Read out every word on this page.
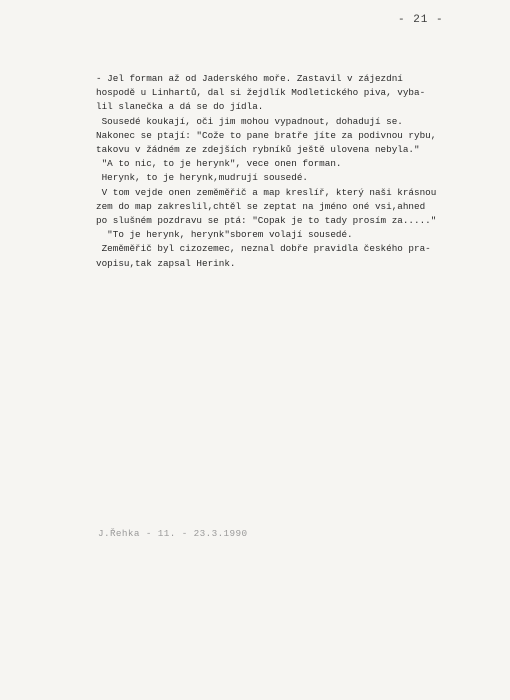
- 21 -

- Jel forman až od Jaderského moře. Zastavil v zájezdní

hospodě u Linhartů, dal si žejdlík Modletického piva, vyba-

lil slanečka a dá se do jídla.

Sousedé koukají, oči jim mohou vypadnout, dohadují se.

Nakonec se ptají: "Cože to pane bratře jíte za podivnou rybu,

takovu v žádném ze zdejších rybníků ještě ulovena nebyla."

"A to nic, to je herynk", vece onen forman.

Herynk, to je herynk,mudrují sousedé.

V tom vejde onen zeměměřič a map kreslíř, který naši krásnou

zem do map zakreslil,chtěl se zeptat na jméno oné vsi,ahned

po slušném pozdravu se ptá: "Copak je to tady prosím za....."

"To je herynk, herynk"sborem volají sousedé.

Zeměměřič byl cizozemec, neznal dobře pravidla českého pra-

vopisu,tak zapsal Herink.

J.Řehka - 11. - 23.3.1990
